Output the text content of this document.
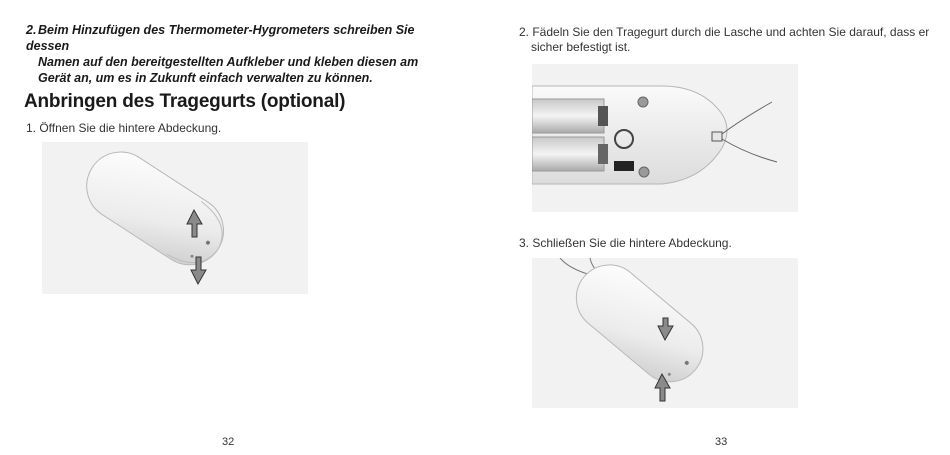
2. Beim Hinzufügen des Thermometer-Hygrometers schreiben Sie dessen
Namen auf den bereitgestellten Aufkleber und kleben diesen am
Gerät an, um es in Zukunft einfach verwalten zu können.

Anbringen des Tragegurts (optional)

1. Öffnen Sie die hintere Abdeckung.

32

2. Fädeln Sie den Tragegurt durch die Lasche und achten Sie darauf, dass er
sicher befestigt ist.

3. Schließen Sie die hintere Abdeckung.

33
